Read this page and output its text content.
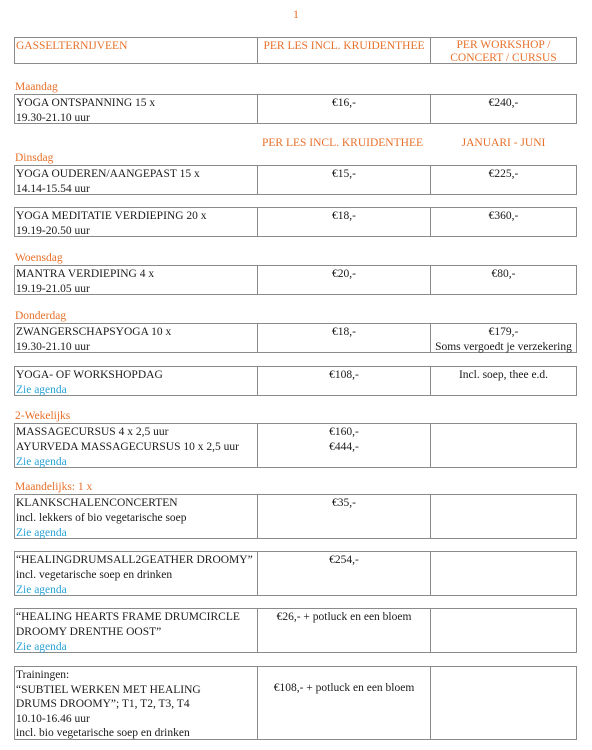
1
GASSELTERNIJVEEN	PER LES INCL. KRUIDENTHEE	PER WORKSHOP /
CONCERT / CURSUS
Maandag
YOGA ONTSPANNING 15 x
19.30-21.10 uur
€16,-	€240,-
PER LES INCL. KRUIDENTHEE	JANUARI - JUNI
Dinsdag
YOGA OUDEREN/AANGEPAST 15 x
14.14-15.54 uur
€15,-	€225,-
YOGA MEDITATIE VERDIEPING 20 x
19.19-20.50 uur
€18,-	€360,-
Woensdag
MANTRA VERDIEPING 4 x
19.19-21.05 uur
€20,-	€80,-
Donderdag
ZWANGERSCHAPSYOGA 10 x
19.30-21.10 uur
€18,-	€179,-
Soms vergoedt je verzekering
YOGA- OF WORKSHOPDAG
Zie agenda
€108,-	Incl. soep, thee e.d.
2-Wekelijks
MASSAGECURSUS 4 x 2,5 uur
AYURVEDA MASSAGECURSUS 10 x 2,5 uur
Zie agenda
€160,-
€444,-
Maandelijks: 1 x
KLANKSCHALENCONCERTEN
incl. lekkers of bio vegetarische soep
Zie agenda
€35,-
“HEALINGDRUMSALL2GEATHER DROOMY”
incl. vegetarische soep en drinken
Zie agenda
€254,-
“HEALING HEARTS FRAME DRUMCIRCLE
DROOMY DRENTHE OOST”
Zie agenda
€26,- + potluck en een bloem
Trainingen:
“SUBTIEL WERKEN MET HEALING
DRUMS DROOMY”; T1, T2, T3, T4
10.10-16.46 uur
incl. bio vegetarische soep en drinken
€108,- + potluck en een bloem
